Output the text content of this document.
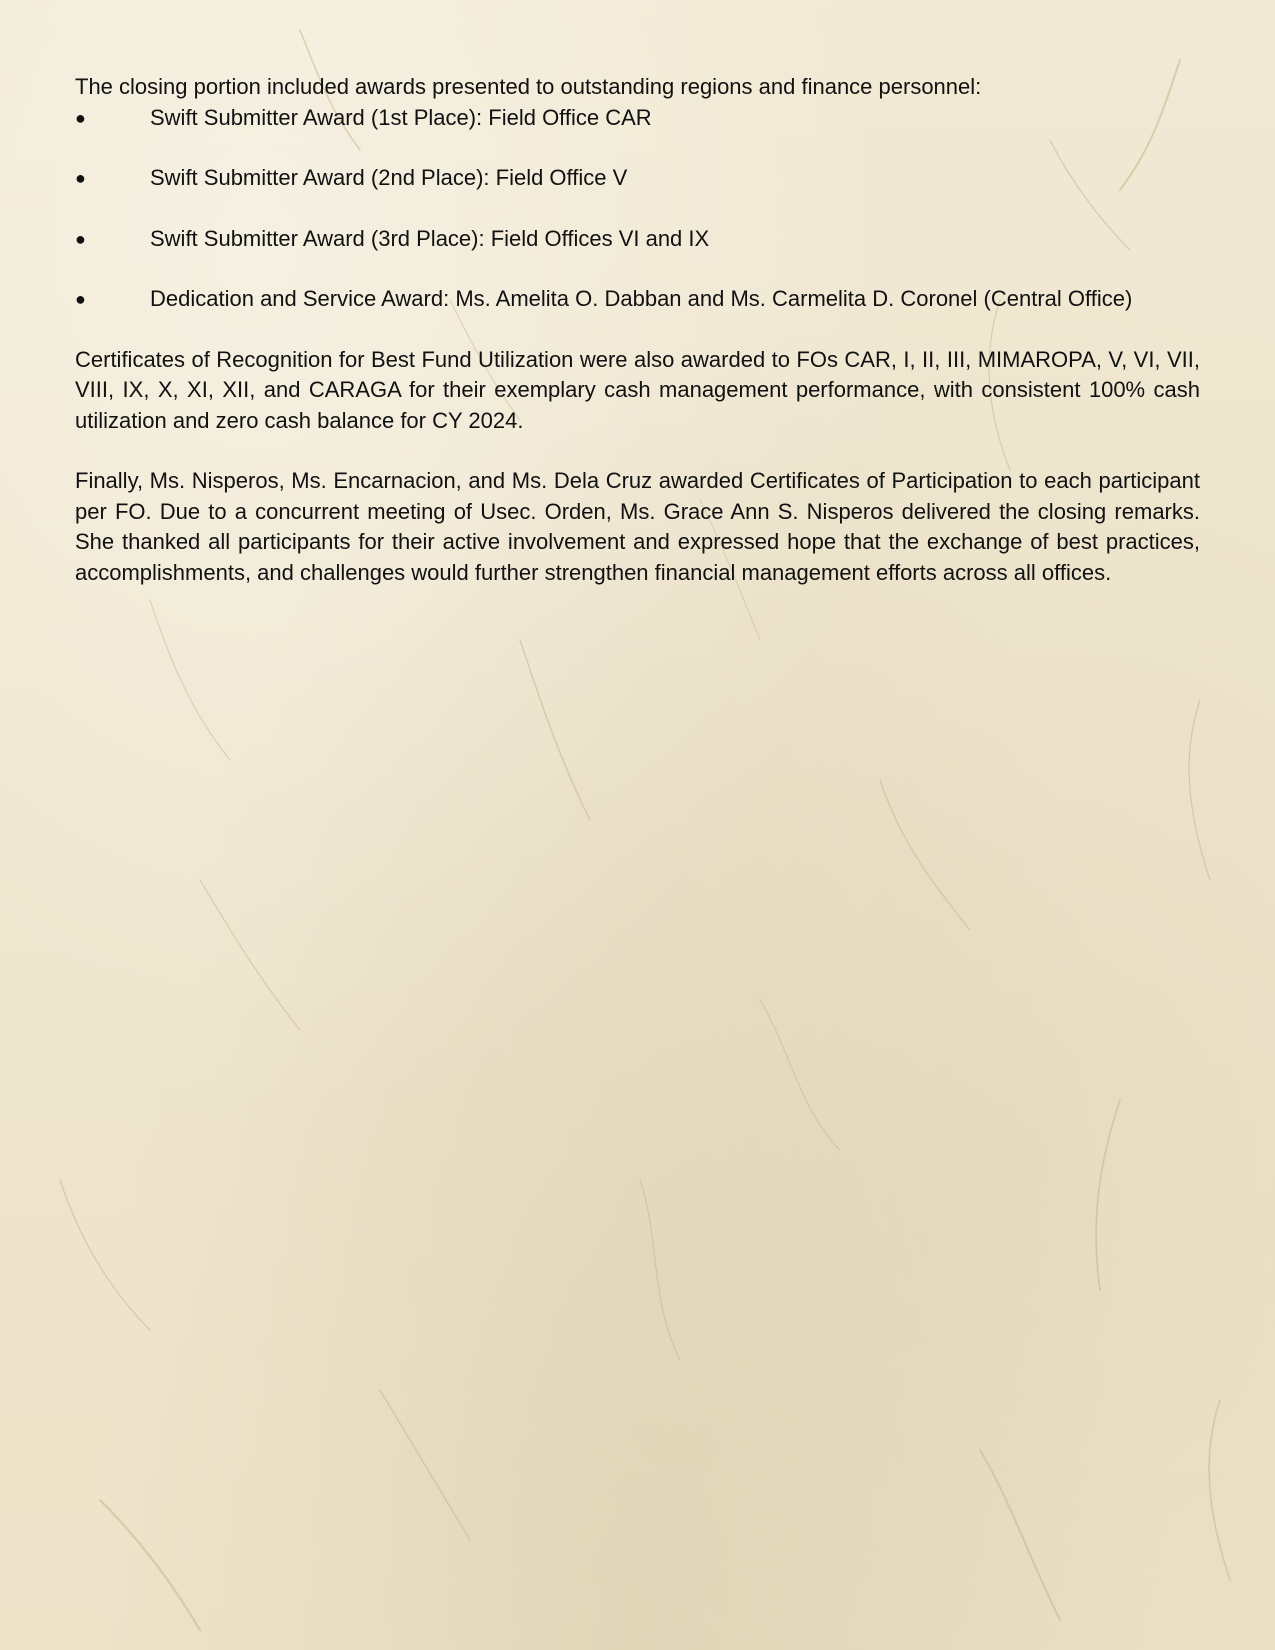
The closing portion included awards presented to outstanding regions and finance personnel:

●	Swift Submitter Award (1st Place): Field Office CAR
●	Swift Submitter Award (2nd Place): Field Office V
●	Swift Submitter Award (3rd Place): Field Offices VI and IX
●	Dedication and Service Award: Ms. Amelita O. Dabban and Ms. Carmelita D. Coronel (Central Office)

Certificates of Recognition for Best Fund Utilization were also awarded to FOs CAR, I, II, III, MIMAROPA, V, VI, VII, VIII, IX, X, XI, XII, and CARAGA for their exemplary cash management performance, with consistent 100% cash utilization and zero cash balance for CY 2024.

Finally, Ms. Nisperos, Ms. Encarnacion, and Ms. Dela Cruz awarded Certificates of Participation to each participant per FO. Due to a concurrent meeting of Usec. Orden, Ms. Grace Ann S. Nisperos delivered the closing remarks. She thanked all participants for their active involvement and expressed hope that the exchange of best practices, accomplishments, and challenges would further strengthen financial management efforts across all offices.
